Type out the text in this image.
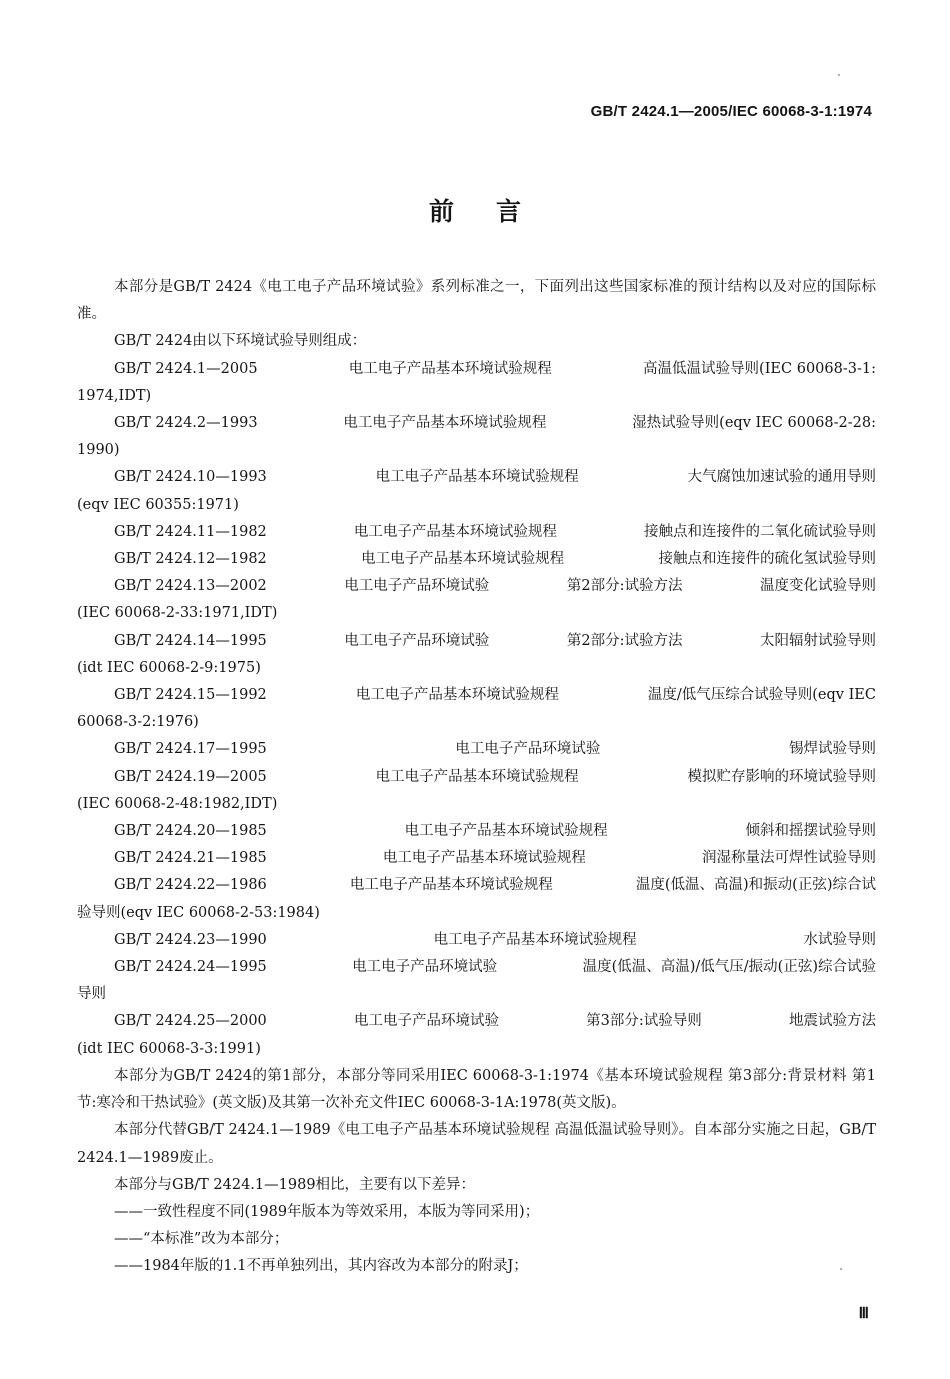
GB/T 2424.1—2005/IEC 60068-3-1:1974
前言

本部分是GB/T 2424《电工电子产品环境试验》系列标准之一，下面列出这些国家标准的预计结构以及对应的国际标准。

GB/T 2424由以下环境试验导则组成：

GB/T 2424.1—2005	电工电子产品基本环境试验规程	高温低温试验导则(IEC 60068-3-1:

1974,IDT)

GB/T 2424.2—1993	电工电子产品基本环境试验规程	湿热试验导则(eqv IEC 60068-2-28:

1990)

GB/T 2424.10—1993	电工电子产品基本环境试验规程	大气腐蚀加速试验的通用导则

(eqv IEC 60355:1971)

GB/T 2424.11—1982	电工电子产品基本环境试验规程	接触点和连接件的二氧化硫试验导则

GB/T 2424.12—1982	电工电子产品基本环境试验规程	接触点和连接件的硫化氢试验导则

GB/T 2424.13—2002	电工电子产品环境试验	第2部分:试验方法	温度变化试验导则

(IEC 60068-2-33:1971,IDT)

GB/T 2424.14—1995	电工电子产品环境试验	第2部分:试验方法	太阳辐射试验导则

(idt IEC 60068-2-9:1975)

GB/T 2424.15—1992	电工电子产品基本环境试验规程	温度/低气压综合试验导则(eqv IEC

60068-3-2:1976)

GB/T 2424.17—1995	电工电子产品环境试验	锡焊试验导则

GB/T 2424.19—2005	电工电子产品基本环境试验规程	模拟贮存影响的环境试验导则

(IEC 60068-2-48:1982,IDT)

GB/T 2424.20—1985	电工电子产品基本环境试验规程	倾斜和摇摆试验导则

GB/T 2424.21—1985	电工电子产品基本环境试验规程	润湿称量法可焊性试验导则

GB/T 2424.22—1986	电工电子产品基本环境试验规程	温度(低温、高温)和振动(正弦)综合试

验导则(eqv IEC 60068-2-53:1984)

GB/T 2424.23—1990	电工电子产品基本环境试验规程	水试验导则

GB/T 2424.24—1995	电工电子产品环境试验	温度(低温、高温)/低气压/振动(正弦)综合试验

导则

GB/T 2424.25—2000	电工电子产品环境试验	第3部分:试验导则	地震试验方法

(idt IEC 60068-3-3:1991)

本部分为GB/T 2424的第1部分，本部分等同采用IEC 60068-3-1:1974《基本环境试验规程 第3部分:背景材料 第1节:寒冷和干热试验》(英文版)及其第一次补充文件IEC 60068-3-1A:1978(英文版)。

本部分代替GB/T 2424.1—1989《电工电子产品基本环境试验规程 高温低温试验导则》。自本部分实施之日起，GB/T 2424.1—1989废止。

本部分与GB/T 2424.1—1989相比，主要有以下差异：

——一致性程度不同(1989年版本为等效采用，本版为等同采用)；

——“本标准”改为本部分；

——1984年版的1.1不再单独列出，其内容改为本部分的附录J；

Ⅲ
